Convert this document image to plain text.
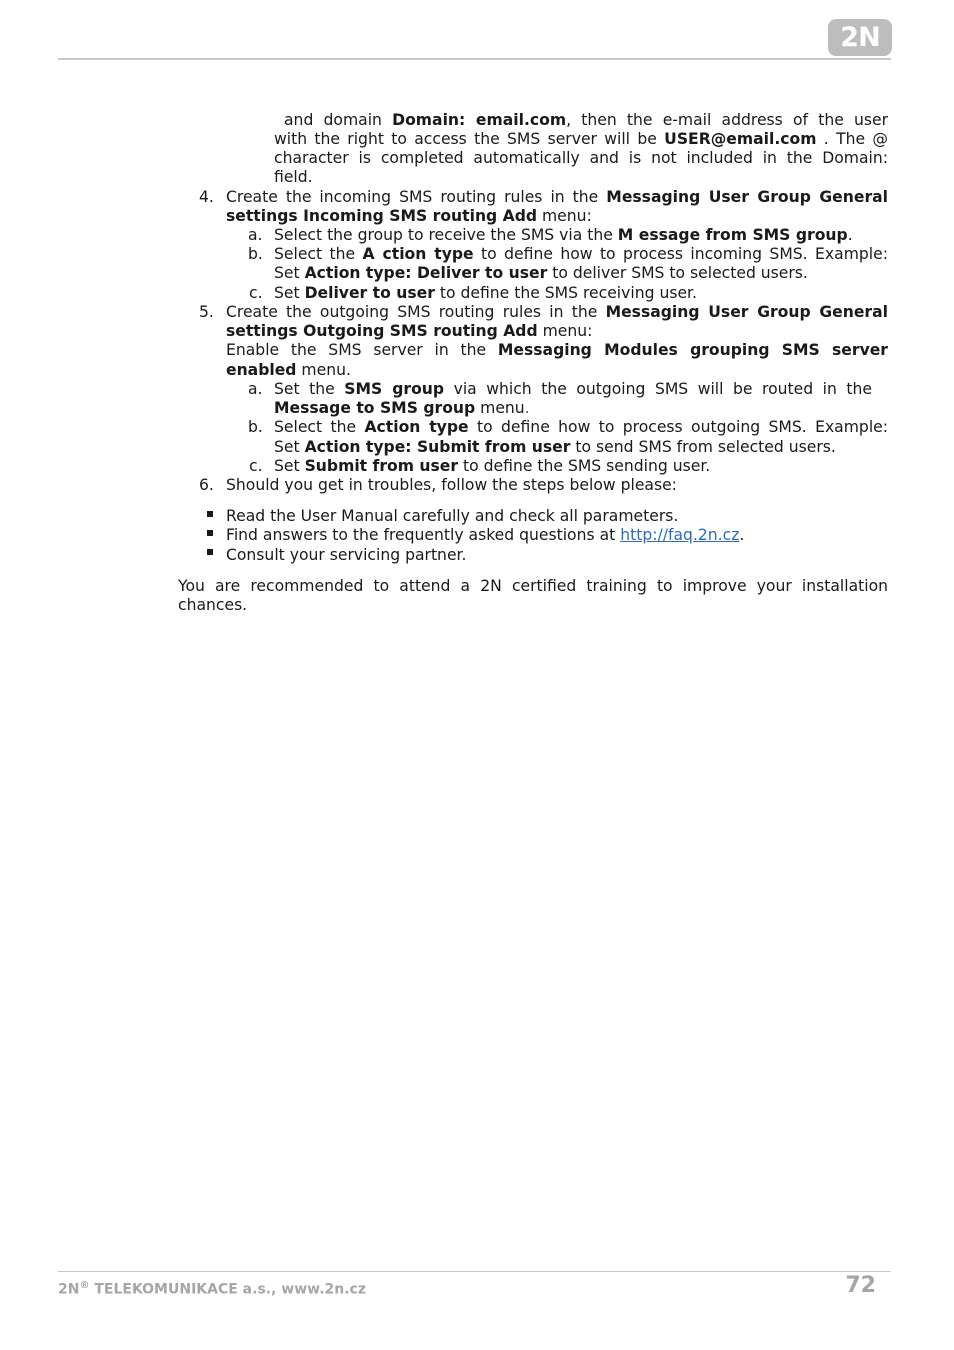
2N
and domain Domain: email.com, then the e-mail address of the user
with the right to access the SMS server will be USER@email.com . The @
character is completed automatically and is not included in the Domain:
field.
4. Create the incoming SMS routing rules in the Messaging User Group General
settings Incoming SMS routing Add menu:
a. Select the group to receive the SMS via the M essage from SMS group.
b. Select the A ction type to define how to process incoming SMS. Example:
Set Action type: Deliver to user to deliver SMS to selected users.
c. Set Deliver to user to define the SMS receiving user.
5. Create the outgoing SMS routing rules in the Messaging User Group General
settings Outgoing SMS routing Add menu:
Enable the SMS server in the Messaging Modules grouping SMS server
enabled menu.
a. Set the SMS group via which the outgoing SMS will be routed in the
Message to SMS group menu.
b. Select the Action type to define how to process outgoing SMS. Example:
Set Action type: Submit from user to send SMS from selected users.
c. Set Submit from user to define the SMS sending user.
6. Should you get in troubles, follow the steps below please:
Read the User Manual carefully and check all parameters.
Find answers to the frequently asked questions at http://faq.2n.cz.
Consult your servicing partner.
You are recommended to attend a 2N certified training to improve your installation
chances.
2N® TELEKOMUNIKACE a.s., www.2n.cz	72
